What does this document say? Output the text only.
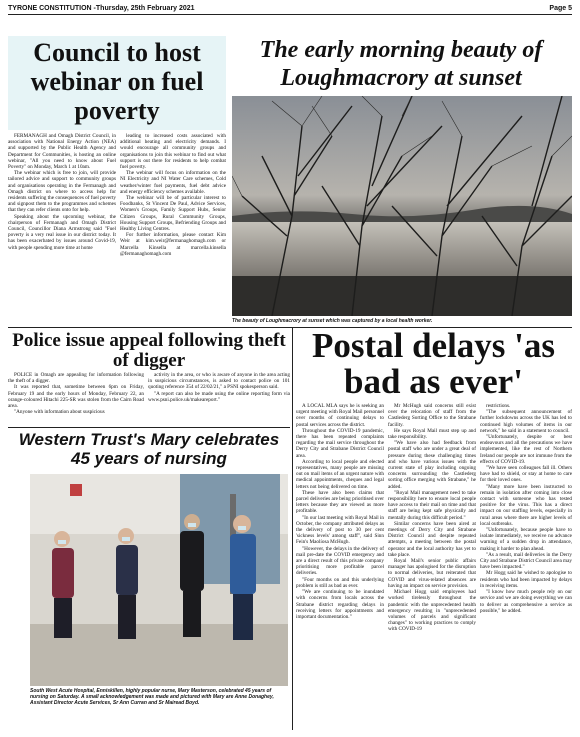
TYRONE CONSTITUTION -Thursday, 25th February 2021	Page 5
Council to host webinar on fuel poverty

FERMANAGH and Omagh District Council, in association with National Energy Action (NEA) and supported by the Public Health Agency and Department for Communities, is hosting an online webinar, "All you need to know about Fuel Poverty" on Monday, March 1 at 10am.

The webinar which is free to join, will provide tailored advice and support to community groups and organisations operating in the Fermanagh and Omagh district on where to access help for residents suffering the consequences of fuel poverty and signpost them to the programmes and schemes that they can refer clients onto for help.

Speaking about the upcoming webinar, the chairperson of Fermanagh and Omagh District Council, Councillor Diana Armstrong said "Fuel poverty is a very real issue in our district today. It has been exacerbated by issues around Covid-19, with people spending more time at home

leading to increased costs associated with additional heating and electricity demands. I would encourage all community groups and organisations to join this webinar to find out what support is out there for residents to help combat fuel poverty.

The webinar will focus on information on the NI Electricity and NI Water Care schemes, Cold weather/winter fuel payments, fuel debt advice and energy efficiency schemes available.

The webinar will be of particular interest to Foodbanks, St Vincent De Paul, Advice Services, Women's Groups, Family Support Hubs, Senior Citizen Groups, Rural Community Groups, Housing Support Groups, Befriending Groups and Healthy Living Centres.

For further information, please contact Kim Weir at kim.weir@fermanaghomagh.com or Marcella Kinsella at marcella.kinsella @fermanaghomagh.com

The early morning beauty of Loughmacrory at sunset
The beauty of Loughmacrory at sunset which was captured by a local health worker.
Police issue appeal following theft of digger

POLICE in Omagh are appealing for information following the theft of a digger.

It was reported that, sometime between 6pm on Friday, February 19 and the early hours of Monday, February 22, an orange-coloured Hitachi 225-SR was stolen from the Cairn Road area.

"Anyone with information about suspicious

activity in the area, or who is aware of anyone in the area acting in suspicious circumstances, is asked to contact police on 101 quoting reference 354 of 22/02/21," a PSNI spokesperson said.

"A report can also be made using the online reporting form via www.psni.police.uk/makeareport."

Western Trust's Mary celebrates 45 years of nursing
South West Acute Hospital, Enniskillen, highly popular nurse, Mary Masterson, celebrated 45 years of nursing on Saturday. A small acknowledgement was made and pictured with Mary are Anne Donaghey, Assistant Director Acute Services, Sr Ann Curran and Sr Mairead Boyd.
Postal delays 'as bad as ever'

A LOCAL MLA says he is seeking an urgent meeting with Royal Mail personnel over months of continuing delays to postal services across the district.

Throughout the COVID-19 pandemic, there has been repeated complaints regarding the mail service throughout the Derry City and Strabane District Council area.

According to local people and elected representatives, many people are missing out on mail items of an urgent nature with medical appointments, cheques and legal letters not being delivered on time.

These have also been claims that parcel deliveries are being prioritised over letters because they are viewed as more profitable.

"In our last meeting with Royal Mail in October, the company attributed delays as the delivery of post to 30 per cent 'sickness levels' among staff", said Sinn Fein's Maolíosa McHugh.

"However, the delays in the delivery of mail pre-date the COVID emergency and are a direct result of this private company prioritising more profitable parcel deliveries.

"Four months on and this underlying problem is still as bad as ever.

"We are continuing to be inundated with concerns from locals across the Strabane district regarding delays in receiving letters for appointments and important documentation."

Mr McHugh said concerns still exist over the relocation of staff from the Castlederg Sorting Office to the Strabane facility.

He says Royal Mail must step up and take responsibility.

"We have also had feedback from postal staff who are under a great deal of pressure during these challenging times and who have various issues with the current state of play including ongoing concerns surrounding the Castlederg sorting office merging with Strabane," he added.

"Royal Mail management need to take responsibility here to ensure local people have access to their mail on time and that staff are being kept safe physically and mentally during this difficult period."

Similar concerns have been aired at meetings of Derry City and Strabane District Council and despite repeated attempts, a meeting between the postal operator and the local authority has yet to take place.

Royal Mail's senior public affairs manager has apologised for the disruption to normal deliveries, but reiterated that COVID and virus-related absences are having an impact on service provision.

Michael Hogg said employees had worked tirelessly throughout the pandemic with the unprecedented health emergency resulting in "unprecedented volumes of parcels and significant changes" to working practices to comply with COVID-19

restrictions.

"The subsequent announcement of further lockdowns across the UK has led to continued high volumes of items in our network," he said in a statement to council.

"Unfortunately, despite or best endeavours and all the precautions we have implemented, like the rest of Northern Ireland our people are not immune from the effects of COVID-19.

"We have seen colleagues fall ill. Others have had to shield, or stay at home to care for their loved ones.

"Many more have been instructed to remain in isolation after coming into close contact with someone who has tested positive for the virus. This has a direct impact on our staffing levels, especially in rural areas where there are higher levels of local outbreaks.

"Unfortunately, because people have to isolate immediately, we receive no advance warning of a sudden drop in attendance, making it harder to plan ahead.

"As a result, mail deliveries in the Derry City and Strabane District Council area may have been impacted."

Mr Hogg said he wished to apologise to residents who had been impacted by delays in receiving items.

"I know how much people rely on our service and we are doing everything we can to deliver as comprehensive a service as possible," he added.
